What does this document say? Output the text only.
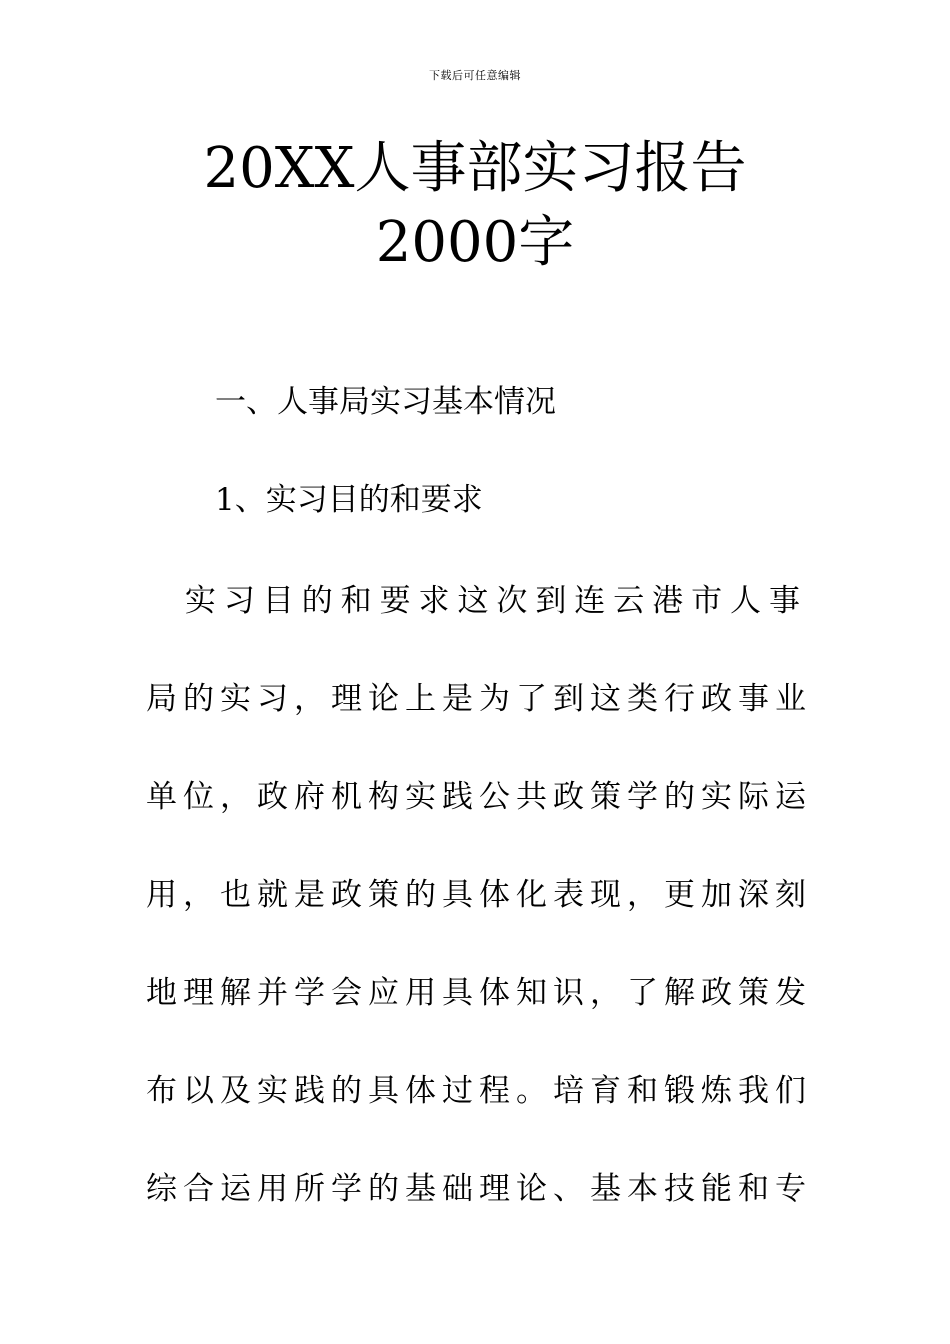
下载后可任意编辑
20XX人事部实习报告2000字

一、人事局实习基本情况

1、实习目的和要求

　实习目的和要求这次到连云港市人事
局的实习，理论上是为了到这类行政事业
单位，政府机构实践公共政策学的实际运
用，也就是政策的具体化表现，更加深刻
地理解并学会应用具体知识，了解政策发
布以及实践的具体过程。培育和锻炼我们
综合运用所学的基础理论、基本技能和专
